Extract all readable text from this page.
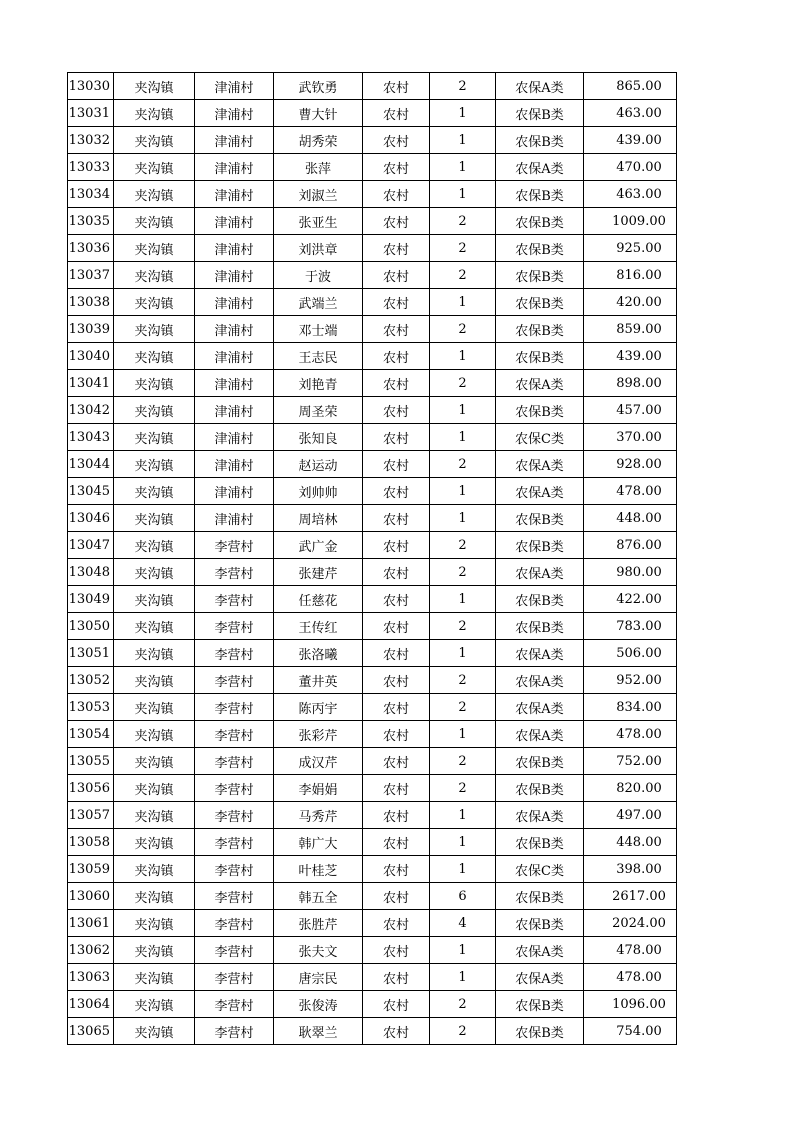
13030	夹沟镇	津浦村	武钦勇	农村	2	农保A类	865.00
13031	夹沟镇	津浦村	曹大针	农村	1	农保B类	463.00
13032	夹沟镇	津浦村	胡秀荣	农村	1	农保B类	439.00
13033	夹沟镇	津浦村	张萍	农村	1	农保A类	470.00
13034	夹沟镇	津浦村	刘淑兰	农村	1	农保B类	463.00
13035	夹沟镇	津浦村	张亚生	农村	2	农保B类	1009.00
13036	夹沟镇	津浦村	刘洪章	农村	2	农保B类	925.00
13037	夹沟镇	津浦村	于波	农村	2	农保B类	816.00
13038	夹沟镇	津浦村	武端兰	农村	1	农保B类	420.00
13039	夹沟镇	津浦村	邓士端	农村	2	农保B类	859.00
13040	夹沟镇	津浦村	王志民	农村	1	农保B类	439.00
13041	夹沟镇	津浦村	刘艳青	农村	2	农保A类	898.00
13042	夹沟镇	津浦村	周圣荣	农村	1	农保B类	457.00
13043	夹沟镇	津浦村	张知良	农村	1	农保C类	370.00
13044	夹沟镇	津浦村	赵运动	农村	2	农保A类	928.00
13045	夹沟镇	津浦村	刘帅帅	农村	1	农保A类	478.00
13046	夹沟镇	津浦村	周培林	农村	1	农保B类	448.00
13047	夹沟镇	李营村	武广金	农村	2	农保B类	876.00
13048	夹沟镇	李营村	张建芹	农村	2	农保A类	980.00
13049	夹沟镇	李营村	任慈花	农村	1	农保B类	422.00
13050	夹沟镇	李营村	王传红	农村	2	农保B类	783.00
13051	夹沟镇	李营村	张洛曦	农村	1	农保A类	506.00
13052	夹沟镇	李营村	董井英	农村	2	农保A类	952.00
13053	夹沟镇	李营村	陈丙宇	农村	2	农保A类	834.00
13054	夹沟镇	李营村	张彩芹	农村	1	农保A类	478.00
13055	夹沟镇	李营村	成汉芹	农村	2	农保B类	752.00
13056	夹沟镇	李营村	李娟娟	农村	2	农保B类	820.00
13057	夹沟镇	李营村	马秀芹	农村	1	农保A类	497.00
13058	夹沟镇	李营村	韩广大	农村	1	农保B类	448.00
13059	夹沟镇	李营村	叶桂芝	农村	1	农保C类	398.00
13060	夹沟镇	李营村	韩五全	农村	6	农保B类	2617.00
13061	夹沟镇	李营村	张胜芹	农村	4	农保B类	2024.00
13062	夹沟镇	李营村	张夫文	农村	1	农保A类	478.00
13063	夹沟镇	李营村	唐宗民	农村	1	农保A类	478.00
13064	夹沟镇	李营村	张俊涛	农村	2	农保B类	1096.00
13065	夹沟镇	李营村	耿翠兰	农村	2	农保B类	754.00
